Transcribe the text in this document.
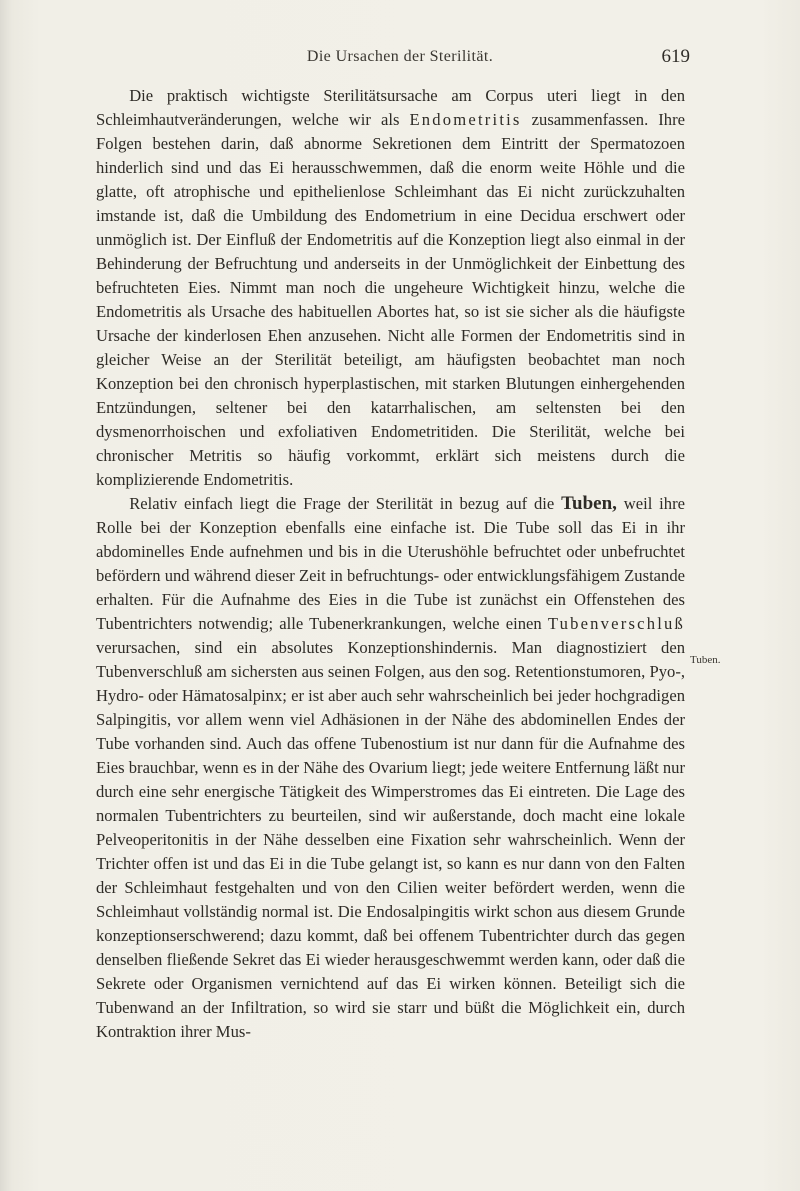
Die Ursachen der Sterilität.	619
Tuben.

Die praktisch wichtigste Sterilitätsursache am Corpus uteri liegt in den Schleimhautveränderungen, welche wir als Endometritis zusammenfassen. Ihre Folgen bestehen darin, daß abnorme Sekretionen dem Eintritt der Spermatozoen hinderlich sind und das Ei herausschwemmen, daß die enorm weite Höhle und die glatte, oft atrophische und epithelienlose Schleimhant das Ei nicht zurückzuhalten imstande ist, daß die Umbildung des Endometrium in eine Decidua erschwert oder unmöglich ist. Der Einfluß der Endometritis auf die Konzeption liegt also einmal in der Behinderung der Befruchtung und anderseits in der Unmöglichkeit der Einbettung des befruchteten Eies. Nimmt man noch die ungeheure Wichtigkeit hinzu, welche die Endometritis als Ursache des habituellen Abortes hat, so ist sie sicher als die häufigste Ursache der kinderlosen Ehen anzusehen. Nicht alle Formen der Endometritis sind in gleicher Weise an der Sterilität beteiligt, am häufigsten beobachtet man noch Konzeption bei den chronisch hyperplastischen, mit starken Blutungen einhergehenden Entzündungen, seltener bei den katarrhalischen, am seltensten bei den dysmenorrhoischen und exfoliativen Endometritiden. Die Sterilität, welche bei chronischer Metritis so häufig vorkommt, erklärt sich meistens durch die komplizierende Endometritis.

Relativ einfach liegt die Frage der Sterilität in bezug auf die Tuben, weil ihre Rolle bei der Konzeption ebenfalls eine einfache ist. Die Tube soll das Ei in ihr abdominelles Ende aufnehmen und bis in die Uterushöhle befruchtet oder unbefruchtet befördern und während dieser Zeit in befruchtungs- oder entwicklungsfähigem Zustande erhalten. Für die Aufnahme des Eies in die Tube ist zunächst ein Offenstehen des Tubentrichters notwendig; alle Tubenerkrankungen, welche einen Tubenverschluß verursachen, sind ein absolutes Konzeptionshindernis. Man diagnostiziert den Tubenverschluß am sichersten aus seinen Folgen, aus den sog. Retentionstumoren, Pyo-, Hydro- oder Hämatosalpinx; er ist aber auch sehr wahrscheinlich bei jeder hochgradigen Salpingitis, vor allem wenn viel Adhäsionen in der Nähe des abdominellen Endes der Tube vorhanden sind. Auch das offene Tubenostium ist nur dann für die Aufnahme des Eies brauchbar, wenn es in der Nähe des Ovarium liegt; jede weitere Entfernung läßt nur durch eine sehr energische Tätigkeit des Wimperstromes das Ei eintreten. Die Lage des normalen Tubentrichters zu beurteilen, sind wir außerstande, doch macht eine lokale Pelveoperitonitis in der Nähe desselben eine Fixation sehr wahrscheinlich. Wenn der Trichter offen ist und das Ei in die Tube gelangt ist, so kann es nur dann von den Falten der Schleimhaut festgehalten und von den Cilien weiter befördert werden, wenn die Schleimhaut vollständig normal ist. Die Endosalpingitis wirkt schon aus diesem Grunde konzeptionserschwerend; dazu kommt, daß bei offenem Tubentrichter durch das gegen denselben fließende Sekret das Ei wieder herausgeschwemmt werden kann, oder daß die Sekrete oder Organismen vernichtend auf das Ei wirken können. Beteiligt sich die Tubenwand an der Infiltration, so wird sie starr und büßt die Möglichkeit ein, durch Kontraktion ihrer Mus-
